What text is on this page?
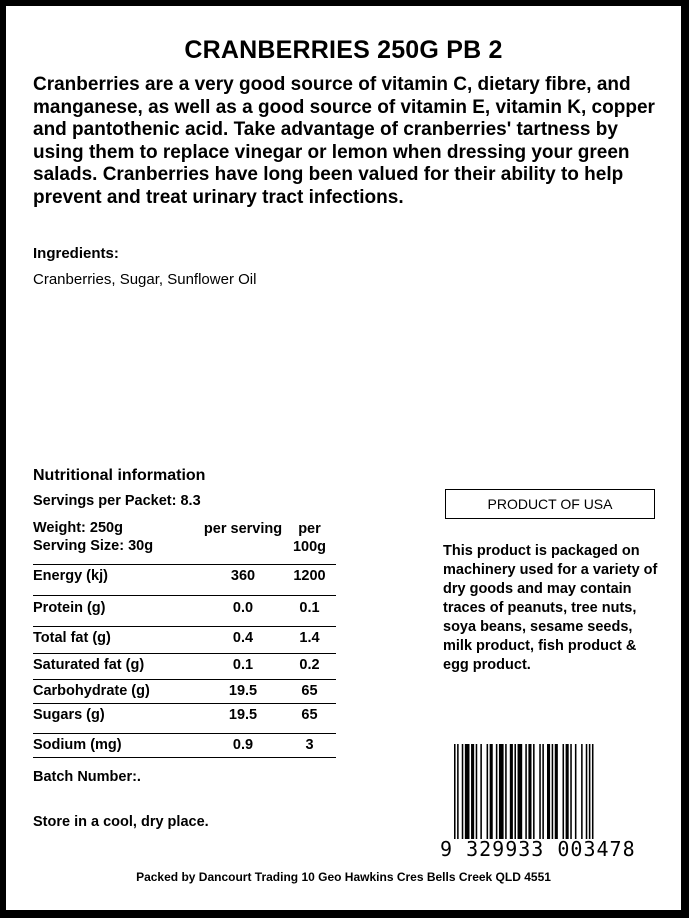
CRANBERRIES 250G PB 2
Cranberries are a very good source of vitamin C, dietary fibre, and manganese, as well as a good source of vitamin E, vitamin K, copper and pantothenic acid. Take advantage of cranberries' tartness by using them to replace vinegar or lemon when dressing your green salads. Cranberries have long been valued for their ability to help prevent and treat urinary tract infections.
Ingredients:
Cranberries, Sugar, Sunflower Oil
Nutritional information
Servings per Packet: 8.3
Weight: 250g
Serving Size: 30g
per serving	per 100g
Energy (kj)	360	1200
Protein (g)	0.0	0.1
Total fat (g)	0.4	1.4
Saturated fat (g)	0.1	0.2
Carbohydrate (g)	19.5	65
Sugars (g)	19.5	65
Sodium (mg)	0.9	3
Batch Number:.
Store in a cool, dry place.
PRODUCT OF USA
This product is packaged on machinery used for a variety of dry goods and may contain traces of peanuts, tree nuts, soya beans, sesame seeds, milk product, fish product & egg product.
9 329933 003478
Packed by Dancourt Trading 10 Geo Hawkins Cres Bells Creek QLD 4551
